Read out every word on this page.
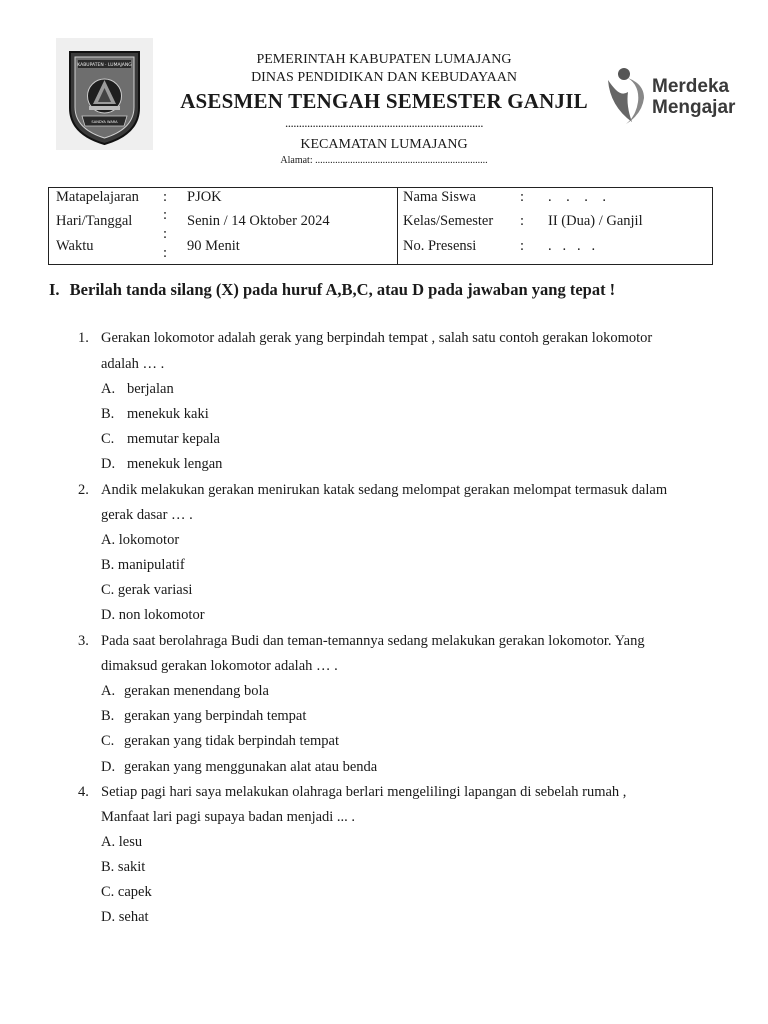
KABUPATEN · LUMAJANG
SANDYA WARA
Merdeka
Mengajar
PEMERINTAH KABUPATEN LUMAJANG
DINAS PENDIDIKAN DAN KEBUDAYAAN
ASESMEN TENGAH SEMESTER GANJIL
........................................................................
KECAMATAN LUMAJANG
Alamat: .....................................................................
Matapelajaran : PJOK
Hari/Tanggal : Senin / 14 Oktober 2024
Waktu
:
: 90 Menit
Nama Siswa	: .    .    .    .
Kelas/Semester : II (Dua) / Ganjil
No. Presensi	: .   .   .   .
I. Berilah tanda silang (X) pada huruf A,B,C, atau D pada jawaban yang tepat !
1. Gerakan lokomotor adalah gerak yang berpindah tempat , salah satu contoh gerakan lokomotor
adalah … .
A. berjalan
B. menekuk kaki
C. memutar kepala
D. menekuk lengan
2. Andik melakukan gerakan menirukan katak sedang melompat gerakan melompat termasuk dalam
gerak dasar … .
A. lokomotor
B. manipulatif
C. gerak variasi
D. non lokomotor
3. Pada saat berolahraga Budi dan teman-temannya sedang melakukan gerakan lokomotor. Yang
dimaksud gerakan lokomotor adalah … .
A. gerakan menendang bola
B. gerakan yang berpindah tempat
C. gerakan yang tidak berpindah tempat
D. gerakan yang menggunakan alat atau benda
4. Setiap pagi hari saya melakukan olahraga berlari mengelilingi lapangan di sebelah rumah ,
Manfaat lari pagi supaya badan menjadi ... .
A. lesu
B. sakit
C. capek
D. sehat
